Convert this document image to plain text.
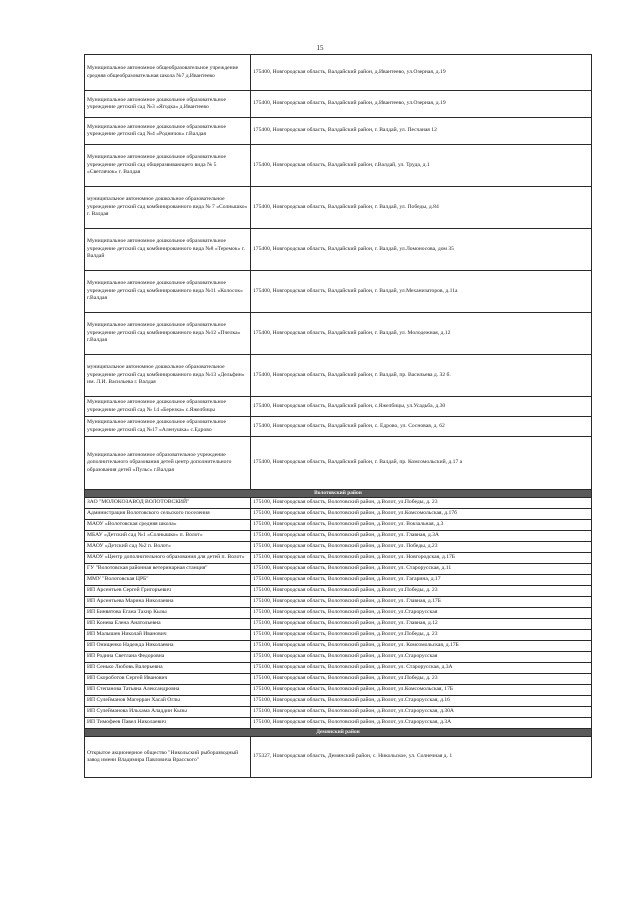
15
Муниципальное автономное общеобразовательное учреждение средняя общеобразовательная школа №7 д.Ивантеево	175400, Новгородская область, Валдайский район, д.Ивантеево, ул.Озерная, д.19
Муниципальное автономное дошкольное образовательное учреждение детский сад №3 «Ягодка» д.Ивантеево	175400, Новгородская область, Валдайский район, д.Ивантеево, ул.Озерная, д.19
Муниципальное автономное дошкольное образовательное учреждение детский сад №4 «Родничок» г.Валдая	175400, Новгородская область, Валдайский район, г. Валдай, ул. Песчаная 12
Муниципальное автономное дошкольное образовательное учреждение детский сад общеразвивающего вида № 5 «Светлячок» г. Валдая	175400, Новгородская область, Валдайский район, г.Валдай, ул. Труда, д.1
муниципальное автономное дошкольное образовательное учреждение детский сад комбинированного вида № 7 «Солнышко» г. Валдая	175400, Новгородская область, Валдайский район, г. Валдай, ул. Победы, д.84
Муниципальное автономное дошкольное образовательное учреждение детский сад комбинированного вида №8 «Теремок» г. Валдай	175400, Новгородская область, Валдайский район, г. Валдай, ул.Ломоносова, дом 35
Муниципальное автономное дошкольное образовательное учреждение детский сад комбинированного вида №11 «Колосок» г.Валдая	175400, Новгородская область, Валдайский район, г. Валдай, ул.Механизаторов, д.11а
Муниципальное автономное дошкольное образовательное учреждение детский сад комбинированного вида №12 «Пчелка» г.Валдая	175400, Новгородская область, Валдайский район, г. Валдай, ул. Молодежная, д.12
муниципальное автономное дошкольное образовательное учреждение детский сад комбинированного вида №13 «Дельфин» им. Л.И. Васильева г. Валдая	175400, Новгородская область, Валдайский район, г. Валдай, пр. Васильева д. 32 б.
Муниципальное автономное дошкольное образовательное учреждение детский сад № 14 «Березка» с.Яжелбицы	175400, Новгородская область, Валдайский район, с.Яжелбицы, ул.Усадьба, д.30
Муниципальное автономное дошкольное образовательное учреждение детский сад №17 «Аленушка» с.Едрово	175400, Новгородская область, Валдайский район, с. Едрово, ул. Сосновая, д. 62
Муниципальное автономное образовательное учреждение дополнительного образования детей центр дополнительного образования детей «Пульс» г.Валдая	175400, Новгородская область, Валдайский район, г. Валдай, пр. Комсомольский, д.17 а
Волотовский район	
ЗАО "МОЛОКОЗАВОД ВОЛОТОВСКИЙ"	175100, Новгородская область, Волотовский район, д.Волот, ул.Победы, д. 23
Администрация Волотовского сельского поселения	175100, Новгородская область, Волотовский район, д.Волот, ул.Комсомольская, д.17б
МАОУ «Волотовская средняя школа»	175100, Новгородская область, Волотовский район, д.Волот, ул. Вокзальная, д.3
МБАУ «Детский сад №1 «Солнышко» п. Волот»	175100, Новгородская область, Волотовский район, д.Волот, ул. Главная, д.3А
МАОУ «Детский сад №2 п. Волот»	175100, Новгородская область, Волотовский район, д.Волот, ул. Победы, д.23
МАОУ «Центр дополнительного образования для детей п. Волот»	175100, Новгородская область, Волотовский район, д.Волот, ул. Новгородская, д.17Б
ГУ "Волотовская районная ветеринарная станция"	175100, Новгородская область, Волотовский район, д.Волот, ул. Старорусская, д.11
ММУ "Волотовская ЦРБ"	175100, Новгородская область, Волотовский район, д.Волот, ул. Гагарина, д.17
ИП Арсентьев Сергей Григорьевич	175100, Новгородская область, Волотовский район, д.Волот, ул.Победы, д. 23
ИП Арсентьева Марина Николаевна	175100, Новгородская область, Волотовский район, д.Волот, ул. Главная, д.17Б
ИП Бинвятова Егана Тахир Кызы	175100, Новгородская область, Волотовский район, д.Волот, ул.Старорусская
ИП Конева Елена Анатольевна	175100, Новгородская область, Волотовский район, д.Волот, ул. Главная, д.12
ИП Малышев Николай Иванович	175100, Новгородская область, Волотовский район, д.Волот, ул.Победы, д. 23
ИП Онищенко Надежда Николаевна	175100, Новгородская область, Волотовский район, д.Волот, ул. Комсомольская, д.17Б
ИП Родина Светлана Федоровна	175100, Новгородская область, Волотовский район, д.Волот, ул.Старорусская
ИП Сенько Любовь Валерьевна	175100, Новгородская область, Волотовский район, д.Волот, ул. Старорусская, д.3А
ИП Скороботов Сергей Иванович	175100, Новгородская область, Волотовский район, д.Волот, ул.Победы, д. 23
ИП Степанова Татьяна Александровна	175100, Новгородская область, Волотовский район, д.Волот, ул.Комсомольская, 17Б
ИП Сулейманов Магерран Хасай Оглы	175100, Новгородская область, Волотовский район, д.Волот, ул.Старорусская, д.16
ИП Сулейманова Ильхама Аладдин Кызы	175100, Новгородская область, Волотовский район, д.Волот, ул.Старорусская, д.30А
ИП Тимофеев Павел Николаевич	175100, Новгородская область, Волотовский район, д.Волот, ул.Старорусская, д.3А
Демянский район	
Открытое акционерное общество "Никольский рыборазводный завод имени Владимира Павловича Врасского"	175327, Новгородская область, Демянский район, с. Никольское, ул. Солнечная д. 1
